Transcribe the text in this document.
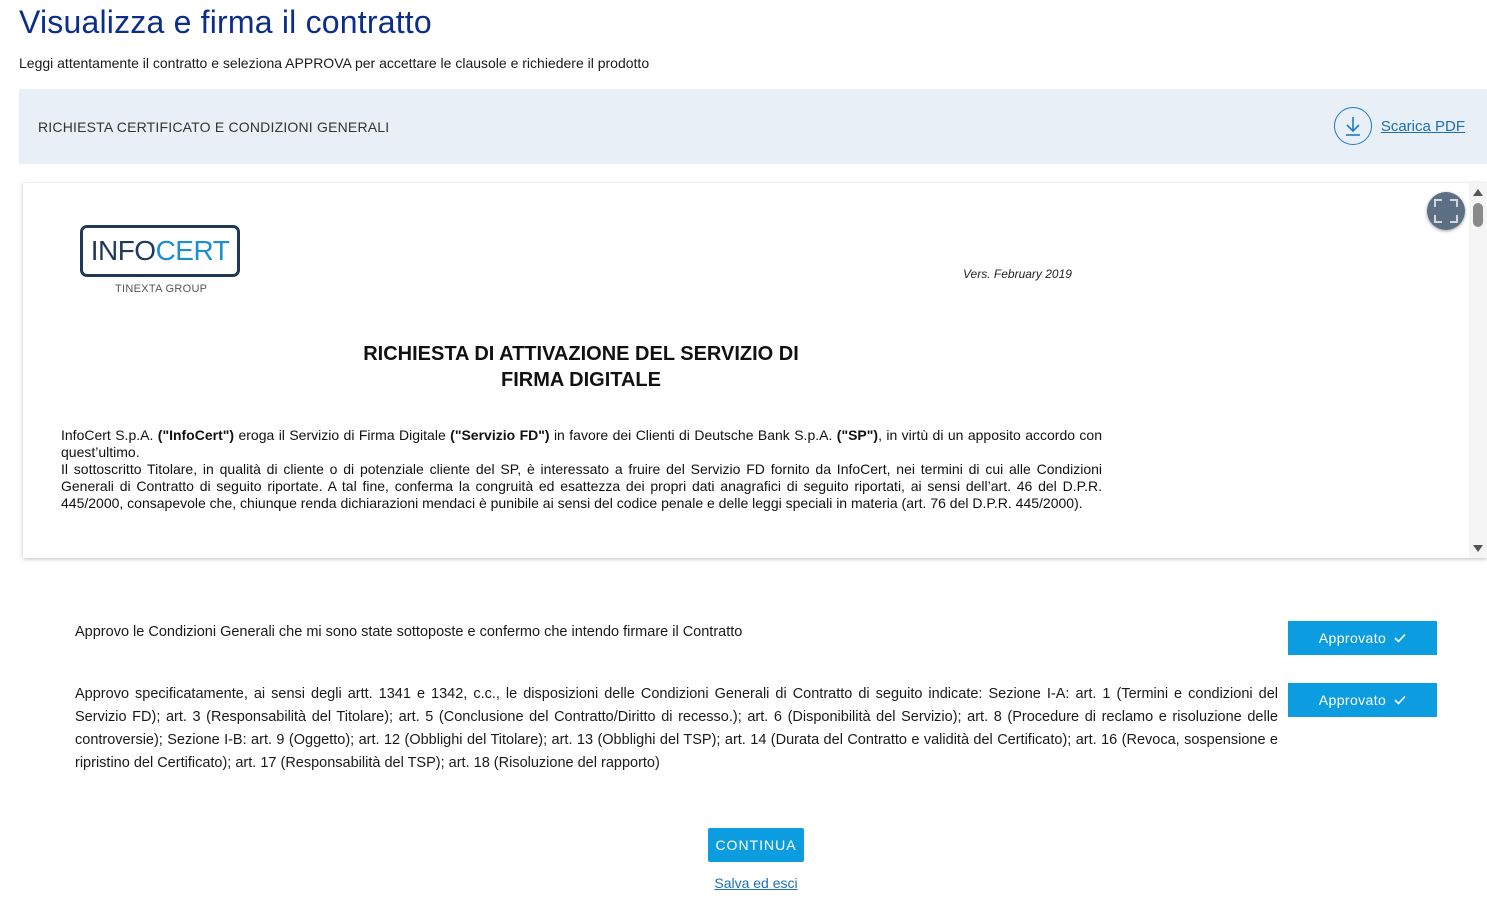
Visualizza e firma il contratto
Leggi attentamente il contratto e seleziona APPROVA per accettare le clausole e richiedere il prodotto
RICHIESTA CERTIFICATO E CONDIZIONI GENERALI	Scarica PDF
INFOCERT
TINEXTA GROUP
Vers. February 2019
RICHIESTA DI ATTIVAZIONE DEL SERVIZIO DI
FIRMA DIGITALE

InfoCert S.p.A. ("InfoCert") eroga il Servizio di Firma Digitale ("Servizio FD") in favore dei Clienti di Deutsche Bank S.p.A. ("SP"), in virtù di un apposito accordo con quest’ultimo.

Il sottoscritto Titolare, in qualità di cliente o di potenziale cliente del SP, è interessato a fruire del Servizio FD fornito da InfoCert, nei termini di cui alle Condizioni Generali di Contratto di seguito riportate. A tal fine, conferma la congruità ed esattezza dei propri dati anagrafici di seguito riportati, ai sensi dell’art. 46 del D.P.R. 445/2000, consapevole che, chiunque renda dichiarazioni mendaci è punibile ai sensi del codice penale e delle leggi speciali in materia (art. 76 del D.P.R. 445/2000).

Approvo le Condizioni Generali che mi sono state sottoposte e confermo che intendo firmare il Contratto	Approvato
Approvo specificatamente, ai sensi degli artt. 1341 e 1342, c.c., le disposizioni delle Condizioni Generali di Contratto di seguito indicate: Sezione I-A: art. 1 (Termini e condizioni del Servizio FD); art. 3 (Responsabilità del Titolare); art. 5 (Conclusione del Contratto/Diritto di recesso.); art. 6 (Disponibilità del Servizio); art. 8 (Procedure di reclamo e risoluzione delle controversie); Sezione I-B: art. 9 (Oggetto); art. 12 (Obblighi del Titolare); art. 13 (Obblighi del TSP); art. 14 (Durata del Contratto e validità del Certificato); art. 16 (Revoca, sospensione e ripristino del Certificato); art. 17 (Responsabilità del TSP); art. 18 (Risoluzione del rapporto)
Approvato
CONTINUA
Salva ed esci
